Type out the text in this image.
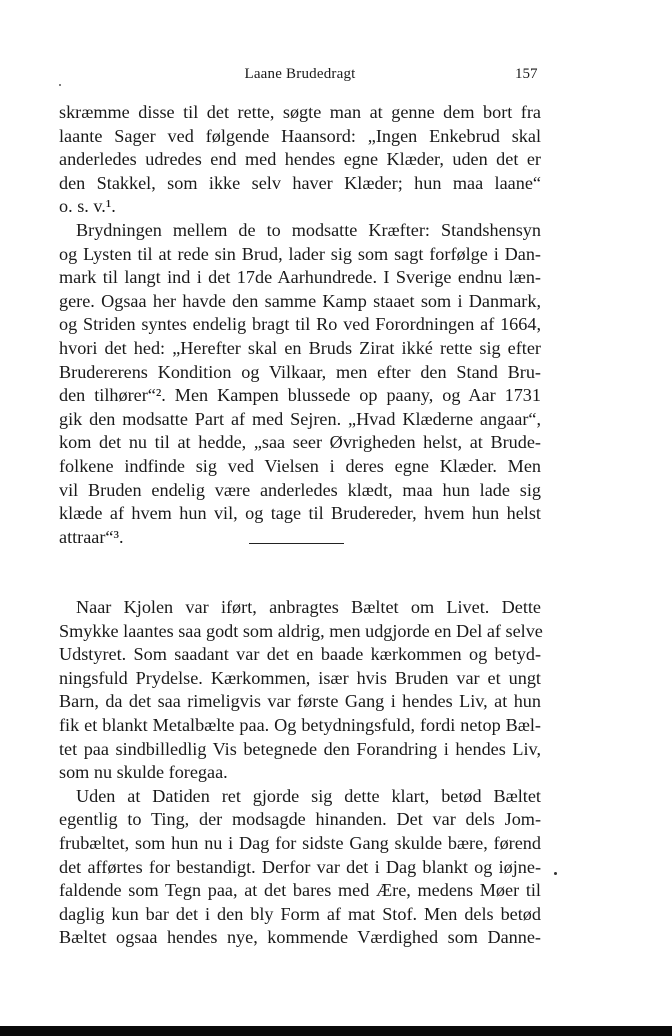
Laane Brudedragt	157
skræmme disse til det rette, søgte man at genne dem bort fra
laante Sager ved følgende Haansord: „Ingen Enkebrud skal
anderledes udredes end med hendes egne Klæder, uden det er
den Stakkel, som ikke selv haver Klæder; hun maa laane“
o. s. v.¹.
Brydningen mellem de to modsatte Kræfter: Standshensyn
og Lysten til at rede sin Brud, lader sig som sagt forfølge i Dan-
mark til langt ind i det 17de Aarhundrede. I Sverige endnu læn-
gere. Ogsaa her havde den samme Kamp staaet som i Danmark,
og Striden syntes endelig bragt til Ro ved Forordningen af 1664,
hvori det hed: „Herefter skal en Bruds Zirat ikké rette sig efter
Brudererens Kondition og Vilkaar, men efter den Stand Bru-
den tilhører“². Men Kampen blussede op paany, og Aar 1731
gik den modsatte Part af med Sejren. „Hvad Klæderne angaar“,
kom det nu til at hedde, „saa seer Øvrigheden helst, at Brude-
folkene indfinde sig ved Vielsen i deres egne Klæder. Men
vil Bruden endelig være anderledes klædt, maa hun lade sig
klæde af hvem hun vil, og tage til Brudereder, hvem hun helst
attraar“³.
Naar Kjolen var iført, anbragtes Bæltet om Livet. Dette
Smykke laantes saa godt som aldrig, men udgjorde en Del af selve
Udstyret. Som saadant var det en baade kærkommen og betyd-
ningsfuld Prydelse. Kærkommen, især hvis Bruden var et ungt
Barn, da det saa rimeligvis var første Gang i hendes Liv, at hun
fik et blankt Metalbælte paa. Og betydningsfuld, fordi netop Bæl-
tet paa sindbilledlig Vis betegnede den Forandring i hendes Liv,
som nu skulde foregaa.
Uden at Datiden ret gjorde sig dette klart, betød Bæltet
egentlig to Ting, der modsagde hinanden. Det var dels Jom-
frubæltet, som hun nu i Dag for sidste Gang skulde bære, førend
det afførtes for bestandigt. Derfor var det i Dag blankt og iøjne-
faldende som Tegn paa, at det bares med Ære, medens Møer til
daglig kun bar det i den bly Form af mat Stof. Men dels betød
Bæltet ogsaa hendes nye, kommende Værdighed som Danne-
